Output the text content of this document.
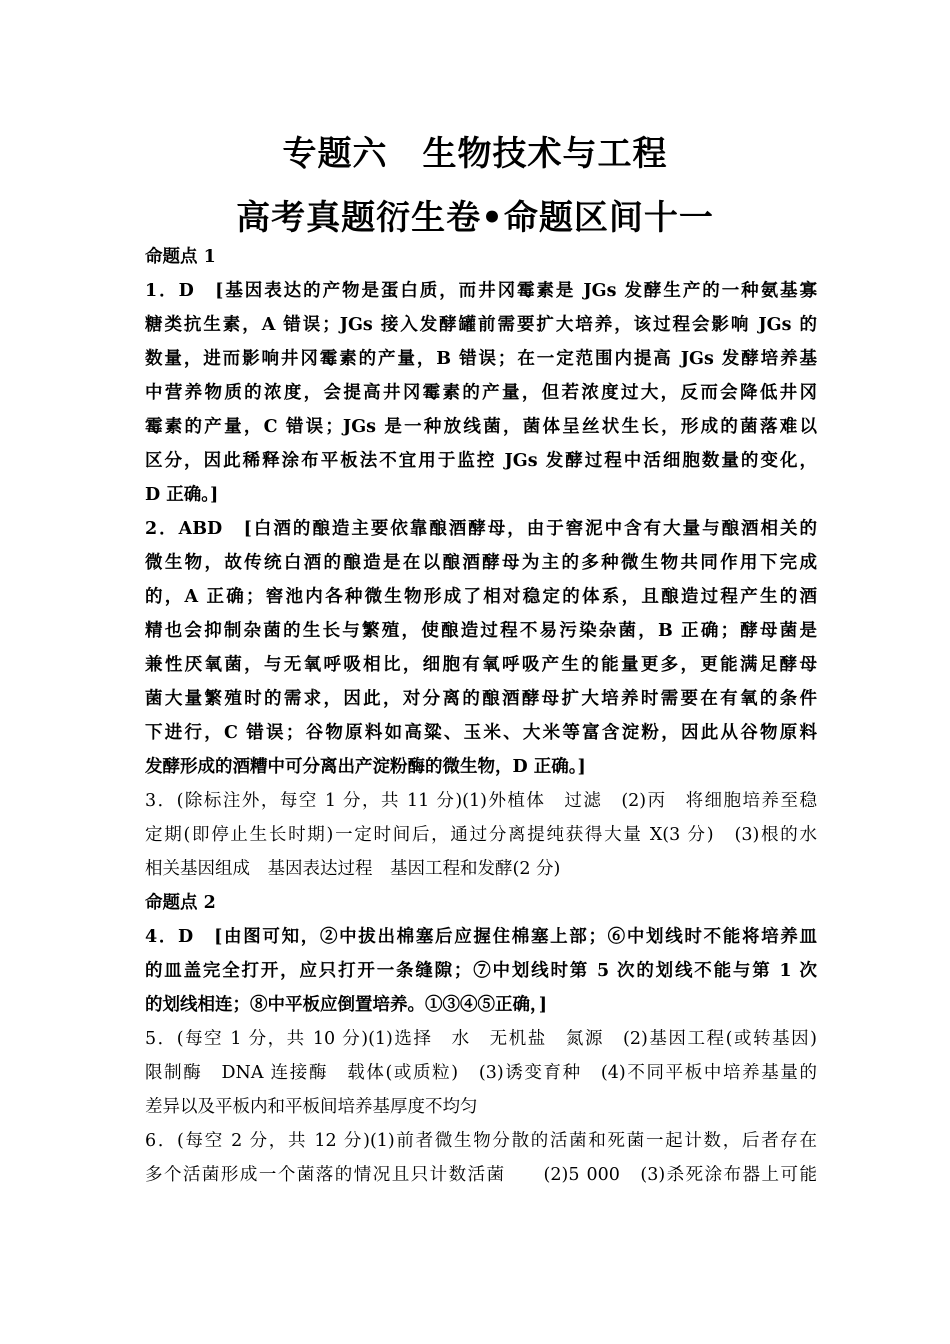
专题六　生物技术与工程
高考真题衍生卷•命题区间十一
命题点 1
1．D　[基因表达的产物是蛋白质，而井冈霉素是 JGs 发酵生产的一种氨基寡
糖类抗生素，A 错误；JGs 接入发酵罐前需要扩大培养，该过程会影响 JGs 的
数量，进而影响井冈霉素的产量，B 错误；在一定范围内提高 JGs 发酵培养基
中营养物质的浓度，会提高井冈霉素的产量，但若浓度过大，反而会降低井冈
霉素的产量，C 错误；JGs 是一种放线菌，菌体呈丝状生长，形成的菌落难以
区分，因此稀释涂布平板法不宜用于监控 JGs 发酵过程中活细胞数量的变化，
D 正确。]
2．ABD　[白酒的酿造主要依靠酿酒酵母，由于窖泥中含有大量与酿酒相关的
微生物，故传统白酒的酿造是在以酿酒酵母为主的多种微生物共同作用下完成
的，A 正确；窖池内各种微生物形成了相对稳定的体系，且酿造过程产生的酒
精也会抑制杂菌的生长与繁殖，使酿造过程不易污染杂菌，B 正确；酵母菌是
兼性厌氧菌，与无氧呼吸相比，细胞有氧呼吸产生的能量更多，更能满足酵母
菌大量繁殖时的需求，因此，对分离的酿酒酵母扩大培养时需要在有氧的条件
下进行，C 错误；谷物原料如高粱、玉米、大米等富含淀粉，因此从谷物原料
发酵形成的酒糟中可分离出产淀粉酶的微生物，D 正确。]
3．(除标注外，每空 1 分，共 11 分)(1)外植体　过滤　(2)丙　将细胞培养至稳
定期(即停止生长时期)一定时间后，通过分离提纯获得大量 X(3 分)　(3)根的水
相关基因组成　基因表达过程　基因工程和发酵(2 分)
命题点 2
4．D　[由图可知，②中拔出棉塞后应握住棉塞上部；⑥中划线时不能将培养皿
的皿盖完全打开，应只打开一条缝隙；⑦中划线时第 5 次的划线不能与第 1 次
的划线相连；⑧中平板应倒置培养。①③④⑤正确，]
5．(每空 1 分，共 10 分)(1)选择　水　无机盐　氮源　(2)基因工程(或转基因)
限制酶　DNA 连接酶　载体(或质粒)　(3)诱变育种　(4)不同平板中培养基量的
差异以及平板内和平板间培养基厚度不均匀
6．(每空 2 分，共 12 分)(1)前者微生物分散的活菌和死菌一起计数，后者存在
多个活菌形成一个菌落的情况且只计数活菌　　(2)5 000　(3)杀死涂布器上可能
